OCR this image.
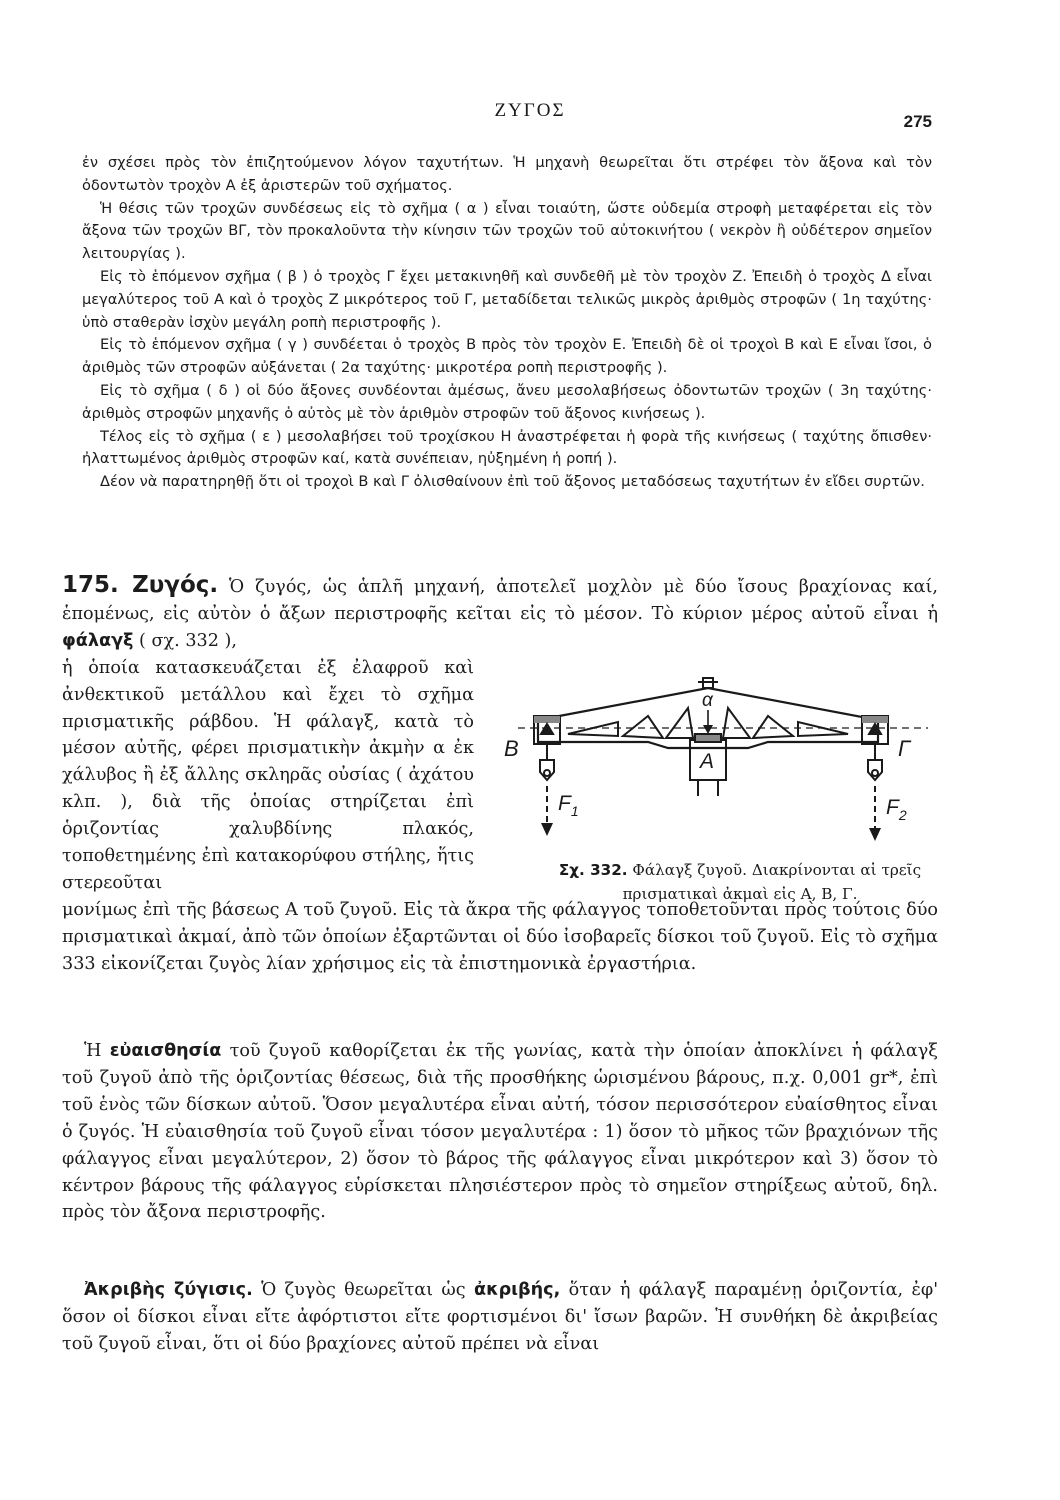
ΖΥΓΟΣ
275

ἐν σχέσει πρὸς τὸν ἐπιζητούμενον λόγον ταχυτήτων. Ἡ μηχανὴ θεωρεῖται ὅτι στρέφει τὸν ἄξονα καὶ τὸν ὀδοντωτὸν τροχὸν Α ἐξ ἀριστερῶν τοῦ σχήματος.

Ἡ θέσις τῶν τροχῶν συνδέσεως εἰς τὸ σχῆμα ( α ) εἶναι τοιαύτη, ὥστε οὐδεμία στροφὴ μεταφέρεται εἰς τὸν ἄξονα τῶν τροχῶν ΒΓ, τὸν προκαλοῦντα τὴν κίνησιν τῶν τροχῶν τοῦ αὐτοκινήτου ( νεκρὸν ἢ οὐδέτερον σημεῖον λειτουργίας ).

Εἰς τὸ ἑπόμενον σχῆμα ( β ) ὁ τροχὸς Γ ἔχει μετακινηθῆ καὶ συνδεθῆ μὲ τὸν τροχὸν Ζ. Ἐπειδὴ ὁ τροχὸς Δ εἶναι μεγαλύτερος τοῦ Α καὶ ὁ τροχὸς Ζ μικρότερος τοῦ Γ, μεταδίδεται τελικῶς μικρὸς ἀριθμὸς στροφῶν ( 1η ταχύτης· ὑπὸ σταθερὰν ἰσχὺν μεγάλη ροπὴ περιστροφῆς ).

Εἰς τὸ ἑπόμενον σχῆμα ( γ ) συνδέεται ὁ τροχὸς Β πρὸς τὸν τροχὸν Ε. Ἐπειδὴ δὲ οἱ τροχοὶ Β καὶ Ε εἶναι ἴσοι, ὁ ἀριθμὸς τῶν στροφῶν αὐξάνεται ( 2α ταχύτης· μικροτέρα ροπὴ περιστροφῆς ).

Εἰς τὸ σχῆμα ( δ ) οἱ δύο ἄξονες συνδέονται ἀμέσως, ἄνευ μεσολαβήσεως ὀδοντωτῶν τροχῶν ( 3η ταχύτης· ἀριθμὸς στροφῶν μηχανῆς ὁ αὐτὸς μὲ τὸν ἀριθμὸν στροφῶν τοῦ ἄξονος κινήσεως ).

Τέλος εἰς τὸ σχῆμα ( ε ) μεσολαβήσει τοῦ τροχίσκου Η ἀναστρέφεται ἡ φορὰ τῆς κινήσεως ( ταχύτης ὄπισθεν· ἠλαττωμένος ἀριθμὸς στροφῶν καί, κατὰ συνέπειαν, ηὐξημένη ἡ ροπή ).

Δέον νὰ παρατηρηθῇ ὅτι οἱ τροχοὶ Β καὶ Γ ὀλισθαίνουν ἐπὶ τοῦ ἄξονος μεταδόσεως ταχυτήτων ἐν εἴδει συρτῶν.

175. Ζυγός. Ὁ ζυγός, ὡς ἁπλῆ μηχανή, ἀποτελεῖ μοχλὸν μὲ δύο ἴσους βραχίονας καί, ἑπομένως, εἰς αὐτὸν ὁ ἄξων περιστροφῆς κεῖται εἰς τὸ μέσον. Τὸ κύριον μέρος αὐτοῦ εἶναι ἡ φάλαγξ ( σχ. 332 ),

ἡ ὁποία κατασκευάζεται ἐξ ἐλαφροῦ καὶ ἀνθεκτικοῦ μετάλλου καὶ ἔχει τὸ σχῆμα πρισματικῆς ράβδου. Ἡ φάλαγξ, κατὰ τὸ μέσον αὐτῆς, φέρει πρισματικὴν ἀκμὴν α ἐκ χάλυβος ἢ ἐξ ἄλλης σκληρᾶς οὐσίας ( ἀχάτου κλπ. ), διὰ τῆς ὁποίας στηρίζεται ἐπὶ ὁριζοντίας χαλυβδίνης πλακός, τοποθετημένης ἐπὶ κατακορύφου στήλης, ἥτις στερεοῦται

μονίμως ἐπὶ τῆς βάσεως Α τοῦ ζυγοῦ. Εἰς τὰ ἄκρα τῆς φάλαγγος τοποθετοῦνται πρὸς τούτοις δύο πρισματικαὶ ἀκμαί, ἀπὸ τῶν ὁποίων ἐξαρτῶνται οἱ δύο ἰσοβαρεῖς δίσκοι τοῦ ζυγοῦ. Εἰς τὸ σχῆμα 333 εἰκονίζεται ζυγὸς λίαν χρήσιμος εἰς τὰ ἐπιστημονικὰ ἐργαστήρια.

α
Β
Α
Γ
$F_1$	$F_2$
Σχ. 332. Φάλαγξ ζυγοῦ. Διακρίνονται αἱ τρεῖς πρισματικαὶ ἀκμαὶ εἰς Α, Β, Γ.

Ἡ εὐαισθησία τοῦ ζυγοῦ καθορίζεται ἐκ τῆς γωνίας, κατὰ τὴν ὁποίαν ἀποκλίνει ἡ φάλαγξ τοῦ ζυγοῦ ἀπὸ τῆς ὁριζοντίας θέσεως, διὰ τῆς προσθήκης ὡρισμένου βάρους, π.χ. 0,001 gr*, ἐπὶ τοῦ ἑνὸς τῶν δίσκων αὐτοῦ. Ὅσον μεγαλυτέρα εἶναι αὐτή, τόσον περισσότερον εὐαίσθητος εἶναι ὁ ζυγός. Ἡ εὐαισθησία τοῦ ζυγοῦ εἶναι τόσον μεγαλυτέρα : 1) ὅσον τὸ μῆκος τῶν βραχιόνων τῆς φάλαγγος εἶναι μεγαλύτερον, 2) ὅσον τὸ βάρος τῆς φάλαγγος εἶναι μικρότερον καὶ 3) ὅσον τὸ κέντρον βάρους τῆς φάλαγγος εὑρίσκεται πλησιέστερον πρὸς τὸ σημεῖον στηρίξεως αὐτοῦ, δηλ. πρὸς τὸν ἄξονα περιστροφῆς.

Ἀκριβὴς ζύγισις. Ὁ ζυγὸς θεωρεῖται ὡς ἀκριβής, ὅταν ἡ φάλαγξ παραμένῃ ὁριζοντία, ἐφ' ὅσον οἱ δίσκοι εἶναι εἴτε ἀφόρτιστοι εἴτε φορτισμένοι δι' ἴσων βαρῶν. Ἡ συνθήκη δὲ ἀκριβείας τοῦ ζυγοῦ εἶναι, ὅτι οἱ δύο βραχίονες αὐτοῦ πρέπει νὰ εἶναι
